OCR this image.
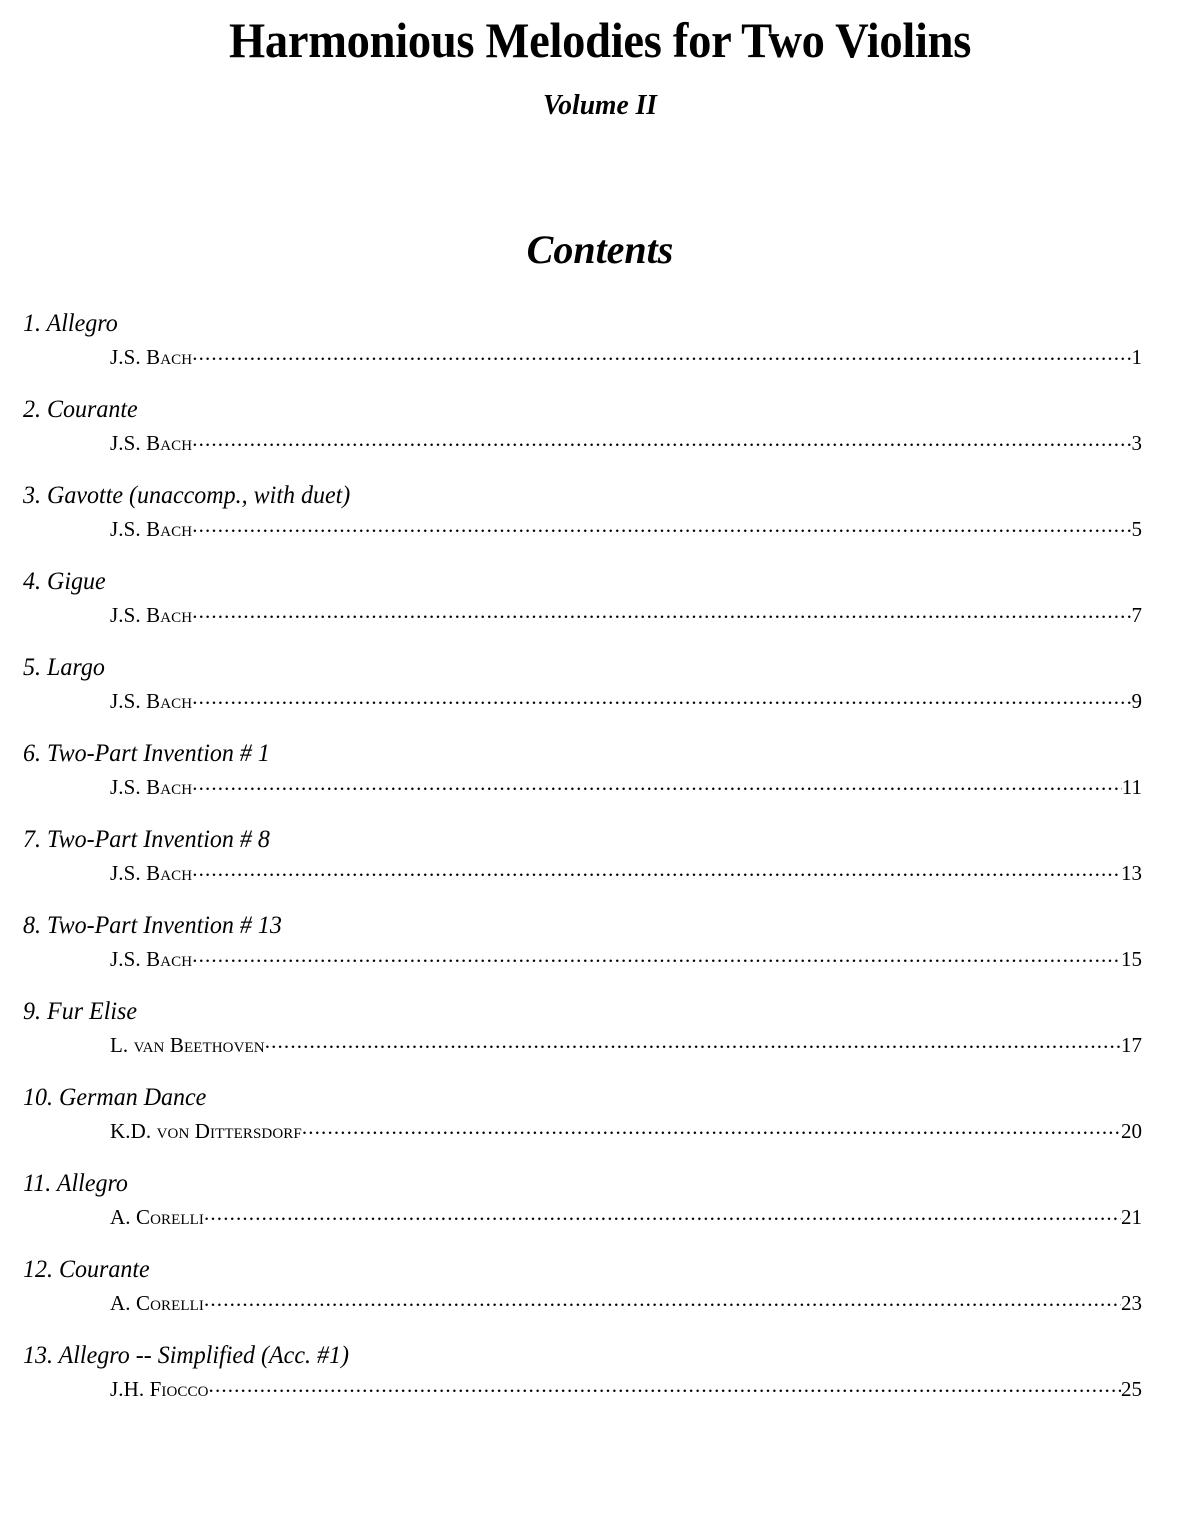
Harmonious Melodies for Two Violins
Volume II
Contents
1. Allegro
J.S. Bach .....	1
2. Courante
J.S. Bach .....	3
3. Gavotte (unaccomp., with duet)
J.S. Bach .....	5
4. Gigue
J.S. Bach .....	7
5. Largo
J.S. Bach .....	9
6. Two-Part Invention # 1
J.S. Bach .....	11
7. Two-Part Invention # 8
J.S. Bach .....	13
8. Two-Part Invention # 13
J.S. Bach .....	15
9. Fur Elise
L. van Beethoven .....	17
10. German Dance
K.D. von Dittersdorf .....	20
11. Allegro
A. Corelli .....	21
12. Courante
A. Corelli .....	23
13. Allegro -- Simplified (Acc. #1)
J.H. Fiocco .....	25
